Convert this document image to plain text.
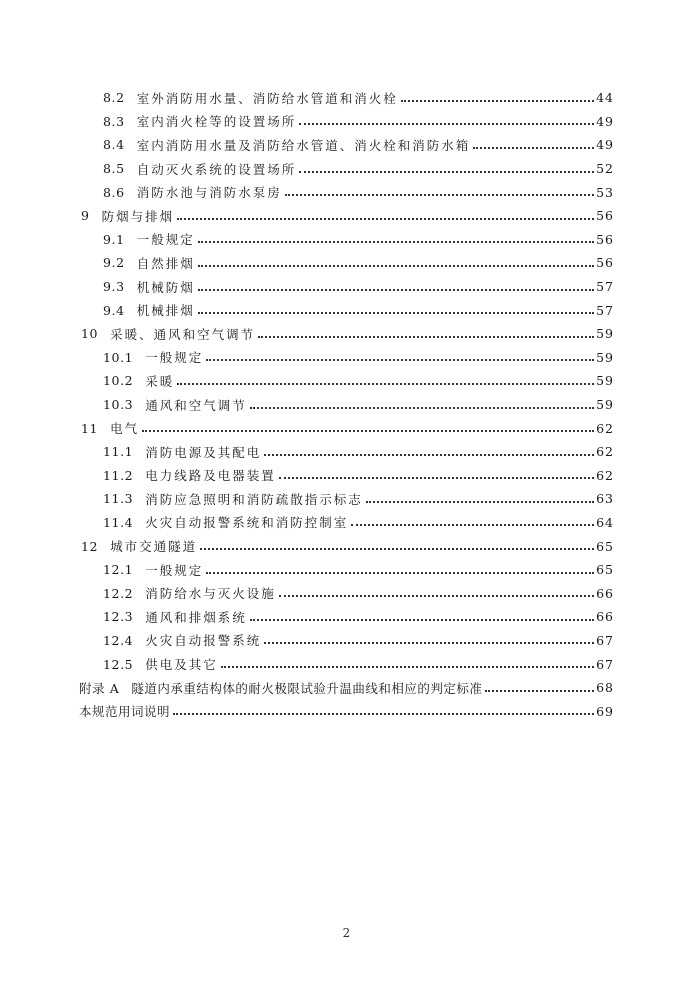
8.2 室外消防用水量、消防给水管道和消火栓	44
8.3 室内消火栓等的设置场所	49
8.4 室内消防用水量及消防给水管道、消火栓和消防水箱	49
8.5 自动灭火系统的设置场所	52
8.6 消防水池与消防水泵房	53
9 防烟与排烟	56
9.1 一般规定	56
9.2 自然排烟	56
9.3 机械防烟	57
9.4 机械排烟	57
10 采暖、通风和空气调节	59
10.1 一般规定	59
10.2 采暖	59
10.3 通风和空气调节	59
11 电气	62
11.1 消防电源及其配电	62
11.2 电力线路及电器装置	62
11.3 消防应急照明和消防疏散指示标志	63
11.4 火灾自动报警系统和消防控制室	64
12 城市交通隧道	65
12.1 一般规定	65
12.2 消防给水与灭火设施	66
12.3 通风和排烟系统	66
12.4 火灾自动报警系统	67
12.5 供电及其它	67
附录 A 隧道内承重结构体的耐火极限试验升温曲线和相应的判定标准	68
本规范用词说明	69
2
